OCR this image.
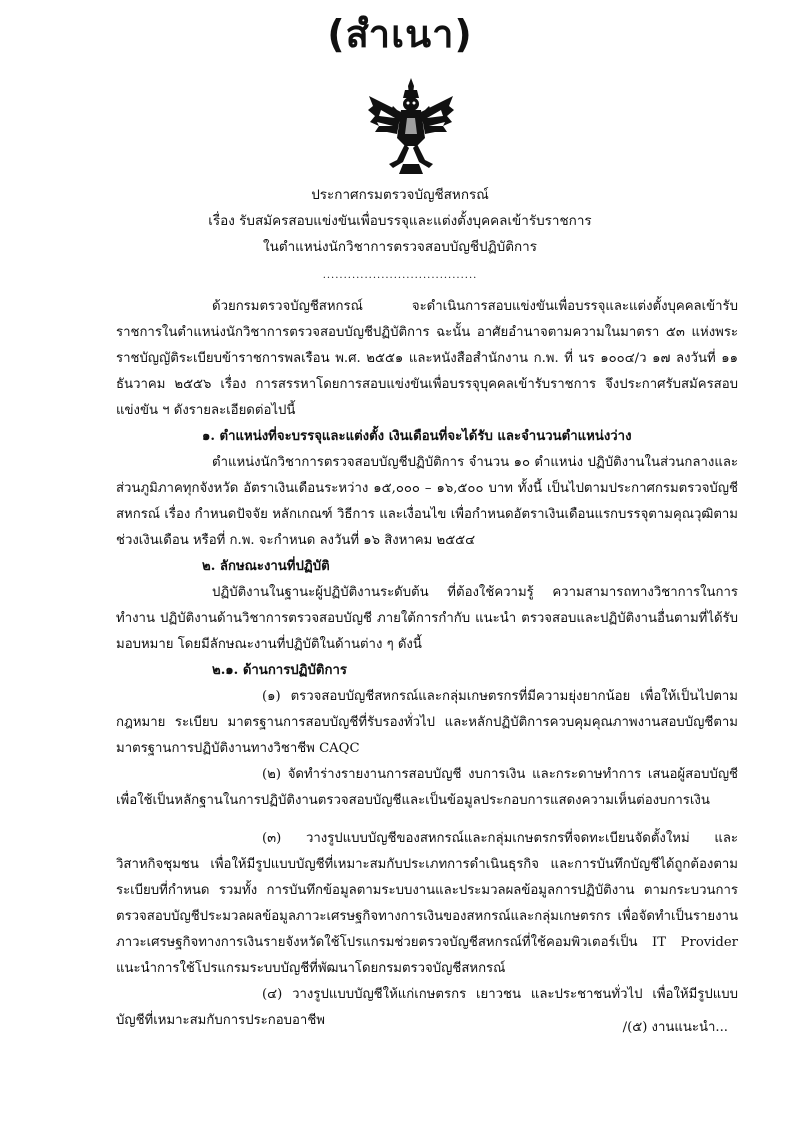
(สำเนา)
ประกาศกรมตรวจบัญชีสหกรณ์
เรื่อง รับสมัครสอบแข่งขันเพื่อบรรจุและแต่งตั้งบุคคลเข้ารับราชการ
ในตำแหน่งนักวิชาการตรวจสอบบัญชีปฏิบัติการ
.....................................

ด้วยกรมตรวจบัญชีสหกรณ์ จะดำเนินการสอบแข่งขันเพื่อบรรจุและแต่งตั้งบุคคลเข้ารับราชการในตำแหน่งนักวิชาการตรวจสอบบัญชีปฏิบัติการ ฉะนั้น อาศัยอำนาจตามความในมาตรา ๕๓ แห่งพระราชบัญญัติระเบียบข้าราชการพลเรือน พ.ศ. ๒๕๕๑ และหนังสือสำนักงาน ก.พ. ที่ นร ๑๐๐๔/ว ๑๗ ลงวันที่ ๑๑ ธันวาคม ๒๕๕๖ เรื่อง การสรรหาโดยการสอบแข่งขันเพื่อบรรจุบุคคลเข้ารับราชการ จึงประกาศรับสมัครสอบแข่งขัน ฯ ดังรายละเอียดต่อไปนี้

๑. ตำแหน่งที่จะบรรจุและแต่งตั้ง เงินเดือนที่จะได้รับ และจำนวนตำแหน่งว่าง

ตำแหน่งนักวิชาการตรวจสอบบัญชีปฏิบัติการ จำนวน ๑๐ ตำแหน่ง ปฏิบัติงานในส่วนกลางและส่วนภูมิภาคทุกจังหวัด อัตราเงินเดือนระหว่าง ๑๕,๐๐๐ – ๑๖,๕๐๐ บาท ทั้งนี้ เป็นไปตามประกาศกรมตรวจบัญชีสหกรณ์ เรื่อง กำหนดปัจจัย หลักเกณฑ์ วิธีการ และเงื่อนไข เพื่อกำหนดอัตราเงินเดือนแรกบรรจุตามคุณวุฒิตามช่วงเงินเดือน หรือที่ ก.พ. จะกำหนด ลงวันที่ ๑๖ สิงหาคม ๒๕๕๔

๒. ลักษณะงานที่ปฏิบัติ

ปฏิบัติงานในฐานะผู้ปฏิบัติงานระดับต้น ที่ต้องใช้ความรู้ ความสามารถทางวิชาการในการทำงาน ปฏิบัติงานด้านวิชาการตรวจสอบบัญชี ภายใต้การกำกับ แนะนำ ตรวจสอบและปฏิบัติงานอื่นตามที่ได้รับมอบหมาย โดยมีลักษณะงานที่ปฏิบัติในด้านต่าง ๆ ดังนี้

๒.๑. ด้านการปฏิบัติการ

(๑) ตรวจสอบบัญชีสหกรณ์และกลุ่มเกษตรกรที่มีความยุ่งยากน้อย เพื่อให้เป็นไปตามกฎหมาย ระเบียบ มาตรฐานการสอบบัญชีที่รับรองทั่วไป และหลักปฏิบัติการควบคุมคุณภาพงานสอบบัญชีตามมาตรฐานการปฏิบัติงานทางวิชาชีพ CAQC

(๒) จัดทำร่างรายงานการสอบบัญชี งบการเงิน และกระดาษทำการ เสนอผู้สอบบัญชี เพื่อใช้เป็นหลักฐานในการปฏิบัติงานตรวจสอบบัญชีและเป็นข้อมูลประกอบการแสดงความเห็นต่องบการเงิน

(๓) วางรูปแบบบัญชีของสหกรณ์และกลุ่มเกษตรกรที่จดทะเบียนจัดตั้งใหม่ และวิสาหกิจชุมชน เพื่อให้มีรูปแบบบัญชีที่เหมาะสมกับประเภทการดำเนินธุรกิจ และการบันทึกบัญชีได้ถูกต้องตามระเบียบที่กำหนด รวมทั้ง การบันทึกข้อมูลตามระบบงานและประมวลผลข้อมูลการปฏิบัติงาน ตามกระบวนการตรวจสอบบัญชีประมวลผลข้อมูลภาวะเศรษฐกิจทางการเงินของสหกรณ์และกลุ่มเกษตรกร เพื่อจัดทำเป็นรายงานภาวะเศรษฐกิจทางการเงินรายจังหวัดใช้โปรแกรมช่วยตรวจบัญชีสหกรณ์ที่ใช้คอมพิวเตอร์เป็น IT Provider แนะนำการใช้โปรแกรมระบบบัญชีที่พัฒนาโดยกรมตรวจบัญชีสหกรณ์

(๔) วางรูปแบบบัญชีให้แก่เกษตรกร เยาวชน และประชาชนทั่วไป เพื่อให้มีรูปแบบบัญชีที่เหมาะสมกับการประกอบอาชีพ	/(๕) งานแนะนำ...
